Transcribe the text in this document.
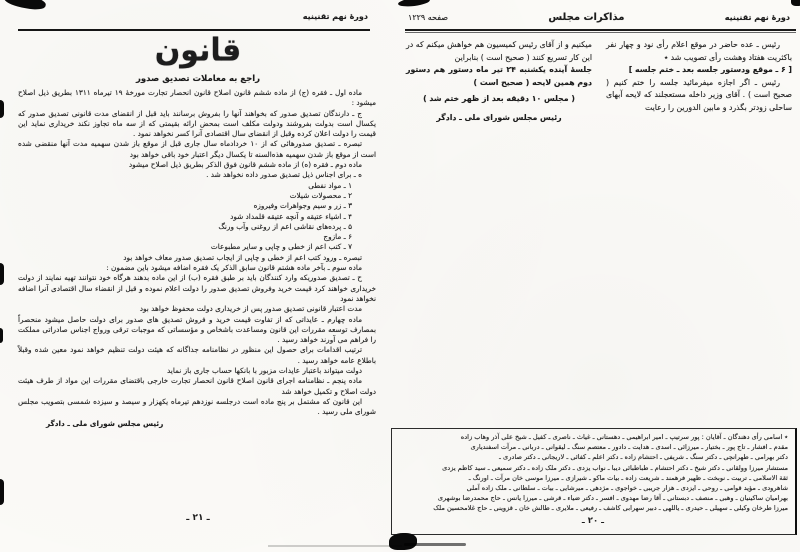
دورهٔ نهم تقنینیه
قانون
راجع به معاملات تصدیق صدور

ماده اول ـ فقره (ج) از ماده ششم قانون اصلاح قانون انحصار تجارت مورخهٔ ۱۹ تیرماه ۱۳۱۱ بطریق ذیل اصلاح میشود :

ج ـ دارندگان تصدیق صدور که بخواهند آنها را بفروش برسانند باید قبل از انقضای مدت قانونی تصدیق صدور که یکسال است بدولت بفروشند ودولت مکلف است بمحض ارائه بقیمتی که از سه ماه تجاوز نکند خریداری نماید این قیمت را دولت اعلان کرده وقبل از انقضای سال اقتصادی آنرا کسر نخواهد نمود .

تبصره ـ تصدیق صدورهائی که از ۱۰ خردادماه سال جاری قبل از موقع باز شدن سهمیه مدت آنها منقضی شده است از موقع باز شدن سهمیه هذه‌السنه تا یکسال دیگر اعتبار خود باقی خواهد بود

ماده دوم ـ فقره (ه) از ماده ششم قانون فوق الذکر بطریق ذیل اصلاح میشود

ه ـ برای اجناس ذیل تصدیق صدور داده نخواهد شد .

۱ ـ مواد نفطی

۲ ـ محصولات شیلات

۳ ـ زر و سیم وجواهرات وفیروزه

۴ ـ اشیاء عتیقه و آنچه عتیقه قلمداد شود

۵ ـ پرده‌های نقاشی اعم از روغنی وآب ورنگ

۶ ـ مازوج

۷ ـ کتب اعم از خطی و چاپی و سایر مطبوعات

تبصره ـ ورود کتب اعم از خطی و چاپی از ایجاب تصدیق صدور معاف خواهد بود

ماده سوم ـ بآخر ماده هشتم قانون سابق الذکر یک فقره اضافه میشود باین مضمون :

ح ـ تصدیق صدوریکه وارد کنندگان باید بر طبق فقره (ب) از این ماده بدهند هرگاه خود نتوانند تهیه نمایند از دولت خریداری خواهند کرد قیمت خرید وفروش تصدیق صدور را دولت اعلام نموده و قبل از انقضاء سال اقتصادی آنرا اضافه نخواهد نمود

مدت اعتبار قانونی تصدیق صدور پس از خریداری دولت محفوظ خواهد بود

ماده چهارم ـ عایداتی که از تفاوت قیمت خرید و فروش تصدیق های صدور برای دولت حاصل میشود منحصراً بمصارف توسعه مقررات این قانون ومساعدت باشخاص و مؤسساتی که موجبات ترقی ورواج اجناس صادراتی مملکت را فراهم می آورند خواهد رسید .

ترتیب اقدامات برای حصول این منظور در نظامنامه جداگانه که هیئت دولت تنظیم خواهد نمود معین شده وقبلاً باطلاع عامه خواهد رسید .

دولت میتواند باعتبار عایدات مزبور با بانکها حساب جاری باز نماید

ماده پنجم ـ نظامنامه اجرای قانون اصلاح قانون انحصار تجارت خارجی باقتضای مقررات این مواد از طرف هیئت دولت اصلاح و تکمیل خواهد شد

این قانون که مشتمل بر پنج ماده است درجلسه نوزدهم تیرماه یکهزار و سیصد و سیزده شمسی بتصویب مجلس شورای ملی رسید .

رئیس مجلس شورای ملی ـ دادگر

ـ ۲۱ ـ
دورهٔ نهم تقنینیه
مذاکرات مجلس
صفحه ۱۲۲۹

رئیس ـ عده حاضر در موقع اعلام رأی نود و چهار نفر باکثریت هفتاد وهشت رأی تصویب شد ٭

[ ۶ ـ موقع ودستور جلسه بعد ـ ختم جلسه ]

رئیس ـ اگر اجازه میفرمائید جلسه را ختم کنیم ( صحیح است ) . آقای وزیر داخله مستعجلند که لایحه آبهای ساحلی زودتر بگذرد و مابین الدورین را رعایت

میکنیم و از آقای رئیس کمیسیون هم خواهش میکنم که در این کار تسریع کنند ( صحیح است ) بنابراین

جلسهٔ آینده یکشنبه ۲۴ تیر ماه دستور هم دستور دوم همین لایحه ( صحیح است )

( مجلس ۱۰ دقیقه بعد از ظهر ختم شد )

رئیس مجلس شورای ملی ـ دادگر

٭ اسامی رأی دهندگان ـ آقایان : پور سرتیپ ـ امیر ابراهیمی ـ دهستانی ـ غیاث ـ ناصری ـ کفیل ـ شیخ علی آذر وهاب زاده
مقدم ـ افشار ـ تاج پور ـ بختیار ـ میرزائی ـ اسدی ـ هدایت ـ دادور ـ معتصم سنگ ـ لیقوانی ـ دربانی ـ مرآت اسفندیاری
دکتر بهرامی ـ طهرانچی ـ دکتر سنگ ـ شریفی ـ احتشام زاده ـ دکتر اعلم ـ کفائی ـ لاریجانی ـ دکتر صادری ـ
مستشار میرزا وولقانی ـ دکتر شیخ ـ دکتر احتشام ـ طباطبائی دیبا ـ نواب یزدی ـ دکتر ملک زاده ـ دکتر سمیعی ـ سید کاظم یزدی
ثقة الاسلامی ـ تربیت ـ نوبخت ـ ظهیر فرهمند ـ شریعت زاده ـ بیات ماکو ـ شیرازی ـ میرزا موسی خان مرآت ـ اورنگ ـ
شاهرودی ـ مؤید قوامی ـ روحی ـ ایزدی ـ هزار جریبی ـ خواجوی ـ مژدهی ـ میرشایی ـ بیات ـ سلطانی ـ ملک زاده آملی
بهرامیان ساکینیان ـ وهبی ـ منصف ـ دبستانی ـ آقا رضا مهدوی ـ افسر ـ دکتر ضیاء ـ قرشی ـ میرزا یانس ـ حاج محمدرضا بوشهری
میرزا طرخان وکیلی ـ سهیلی ـ حیدری ـ یاللهی ـ دبیر سهرابی کاشف ـ رفیعی ـ ملایری ـ طالش خان ـ قزوینی ـ حاج غلامحسین ملک
ـ ۲۰ ـ
